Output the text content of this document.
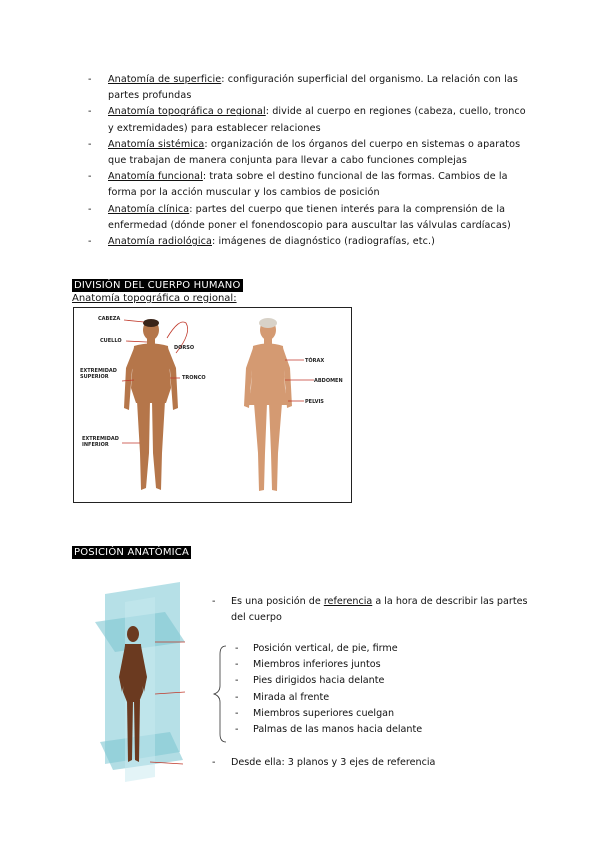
- Anatomía de superficie: configuración superficial del organismo. La relación con las partes profundas
- Anatomía topográfica o regional: divide al cuerpo en regiones (cabeza, cuello, tronco y extremidades) para establecer relaciones
- Anatomía sistémica: organización de los órganos del cuerpo en sistemas o aparatos que trabajan de manera conjunta para llevar a cabo funciones complejas
- Anatomía funcional: trata sobre el destino funcional de las formas. Cambios de la forma por la acción muscular y los cambios de posición
- Anatomía clínica: partes del cuerpo que tienen interés para la comprensión de la enfermedad (dónde poner el fonendoscopio para auscultar las válvulas cardíacas)
- Anatomía radiológica: imágenes de diagnóstico (radiografías, etc.)
DIVISIÓN DEL CUERPO HUMANO
Anatomía topográfica o regional:
CABEZA
CUELLO
DORSO
EXTREMIDAD
SUPERIOR	TRONCO
EXTREMIDAD
INFERIOR
TÓRAX
ABDOMEN
PELVIS
POSICIÓN ANATÓMICA
- Es una posición de referencia a la hora de describir las partes
del cuerpo
- Posición vertical, de pie, firme
- Miembros inferiores juntos
- Pies dirigidos hacia delante
- Mirada al frente
- Miembros superiores cuelgan
- Palmas de las manos hacia delante
- Desde ella: 3 planos y 3 ejes de referencia
